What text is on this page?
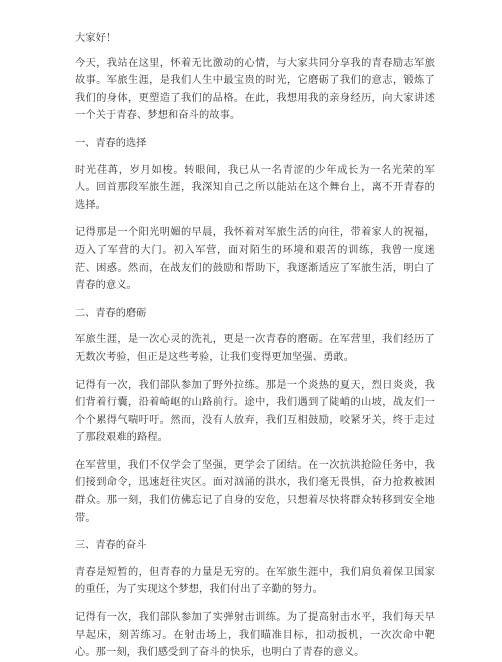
大家好！

今天，我站在这里，怀着无比激动的心情，与大家共同分享我的青春励志军旅故事。军旅生涯，是我们人生中最宝贵的时光，它磨砺了我们的意志，锻炼了我们的身体，更塑造了我们的品格。在此，我想用我的亲身经历，向大家讲述一个关于青春、梦想和奋斗的故事。

一、青春的选择

时光荏苒，岁月如梭。转眼间，我已从一名青涩的少年成长为一名光荣的军人。回首那段军旅生涯，我深知自己之所以能站在这个舞台上，离不开青春的选择。

记得那是一个阳光明媚的早晨，我怀着对军旅生活的向往，带着家人的祝福，迈入了军营的大门。初入军营，面对陌生的环境和艰苦的训练，我曾一度迷茫、困惑。然而，在战友们的鼓励和帮助下，我逐渐适应了军旅生活，明白了青春的意义。

二、青春的磨砺

军旅生涯，是一次心灵的洗礼，更是一次青春的磨砺。在军营里，我们经历了无数次考验，但正是这些考验，让我们变得更加坚强、勇敢。

记得有一次，我们部队参加了野外拉练。那是一个炎热的夏天，烈日炎炎，我们背着行囊，沿着崎岖的山路前行。途中，我们遇到了陡峭的山坡，战友们一个个累得气喘吁吁。然而，没有人放弃，我们互相鼓励，咬紧牙关，终于走过了那段艰难的路程。

在军营里，我们不仅学会了坚强，更学会了团结。在一次抗洪抢险任务中，我们接到命令，迅速赶往灾区。面对汹涌的洪水，我们毫无畏惧，奋力抢救被困群众。那一刻，我们仿佛忘记了自身的安危，只想着尽快将群众转移到安全地带。

三、青春的奋斗

青春是短暂的，但青春的力量是无穷的。在军旅生涯中，我们肩负着保卫国家的重任，为了实现这个梦想，我们付出了辛勤的努力。

记得有一次，我们部队参加了实弹射击训练。为了提高射击水平，我们每天早早起床，刻苦练习。在射击场上，我们瞄准目标，扣动扳机，一次次命中靶心。那一刻，我们感受到了奋斗的快乐，也明白了青春的意义。
